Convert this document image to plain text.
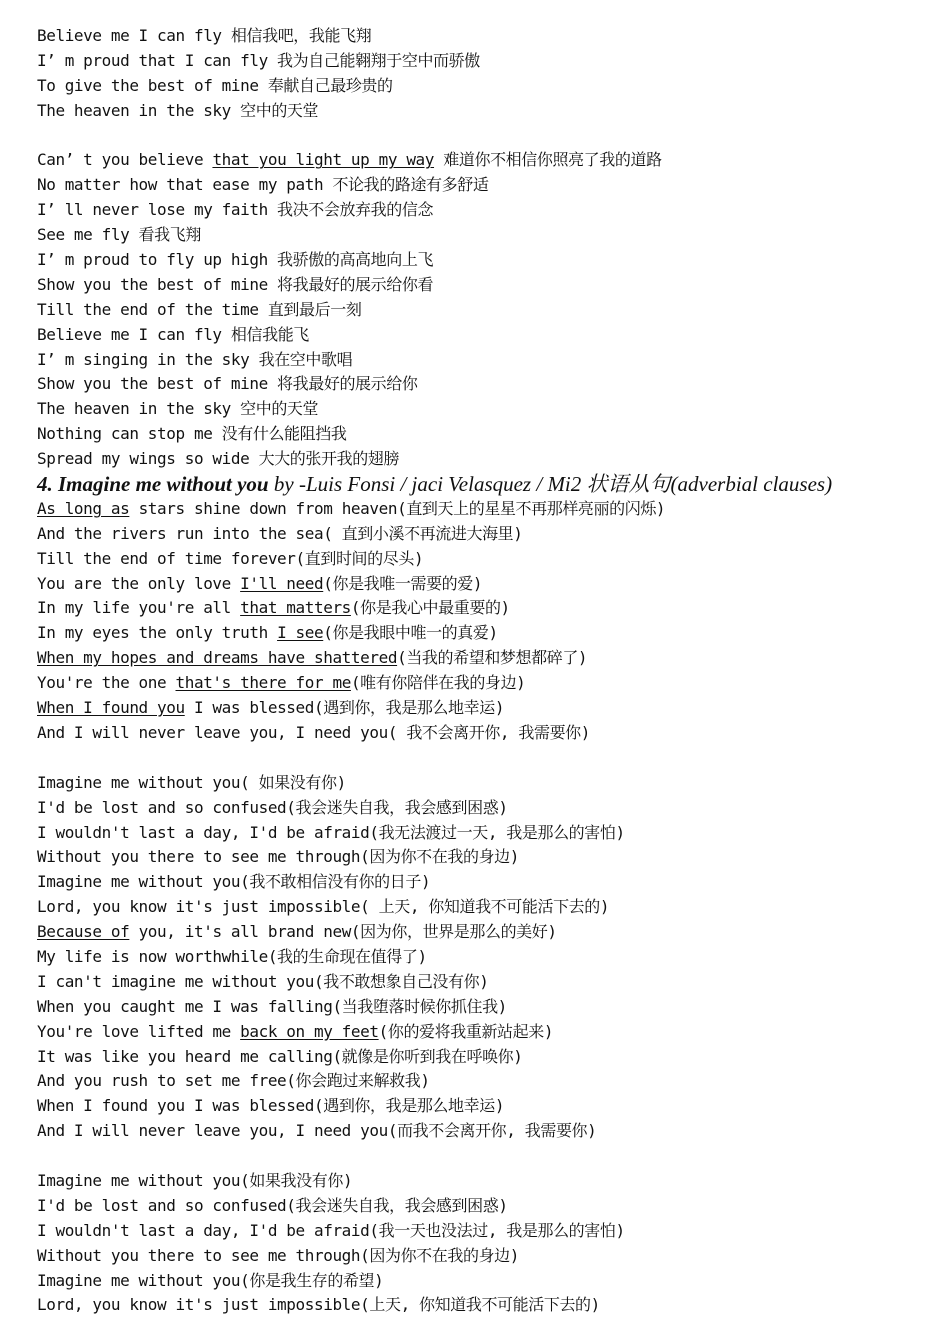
Believe me I can fly 相信我吧，我能飞翔
I’ m proud that I can fly 我为自己能翱翔于空中而骄傲
To give the best of mine 奉献自己最珍贵的
The heaven in the sky 空中的天堂
Can’ t you believe that you light up my way 难道你不相信你照亮了我的道路
No matter how that ease my path 不论我的路途有多舒适
I’ ll never lose my faith 我决不会放弃我的信念
See me fly 看我飞翔
I’ m proud to fly up high 我骄傲的高高地向上飞
Show you the best of mine 将我最好的展示给你看
Till the end of the time 直到最后一刻
Believe me I can fly 相信我能飞
I’ m singing in the sky 我在空中歌唱
Show you the best of mine 将我最好的展示给你
The heaven in the sky 空中的天堂
Nothing can stop me 没有什么能阻挡我
Spread my wings so wide 大大的张开我的翅膀
4. Imagine me without you by -Luis Fonsi / jaci Velasquez / Mi2 状语从句(adverbial clauses)
As long as stars shine down from heaven(直到天上的星星不再那样亮丽的闪烁)
And the rivers run into the sea( 直到小溪不再流进大海里)
Till the end of time forever(直到时间的尽头)
You are the only love I'll need(你是我唯一需要的爱)
In my life you're all that matters(你是我心中最重要的)
In my eyes the only truth I see(你是我眼中唯一的真爱)
When my hopes and dreams have shattered(当我的希望和梦想都碎了)
You're the one that's there for me(唯有你陪伴在我的身边)
When I found you I was blessed(遇到你，我是那么地幸运)
And I will never leave you, I need you( 我不会离开你, 我需要你)
Imagine me without you( 如果没有你)
I'd be lost and so confused(我会迷失自我，我会感到困惑)
I wouldn't last a day, I'd be afraid(我无法渡过一天, 我是那么的害怕)
Without you there to see me through(因为你不在我的身边)
Imagine me without you(我不敢相信没有你的日子)
Lord, you know it's just impossible( 上天, 你知道我不可能活下去的)
Because of you, it's all brand new(因为你，世界是那么的美好)
My life is now worthwhile(我的生命现在值得了)
I can't imagine me without you(我不敢想象自己没有你)
When you caught me I was falling(当我堕落时候你抓住我)
You're love lifted me back on my feet(你的爱将我重新站起来)
It was like you heard me calling(就像是你听到我在呼唤你)
And you rush to set me free(你会跑过来解救我)
When I found you I was blessed(遇到你，我是那么地幸运)
And I will never leave you, I need you(而我不会离开你, 我需要你)
Imagine me without you(如果我没有你)
I'd be lost and so confused(我会迷失自我，我会感到困惑)
I wouldn't last a day, I'd be afraid(我一天也没法过, 我是那么的害怕)
Without you there to see me through(因为你不在我的身边)
Imagine me without you(你是我生存的希望)
Lord, you know it's just impossible(上天, 你知道我不可能活下去的)
